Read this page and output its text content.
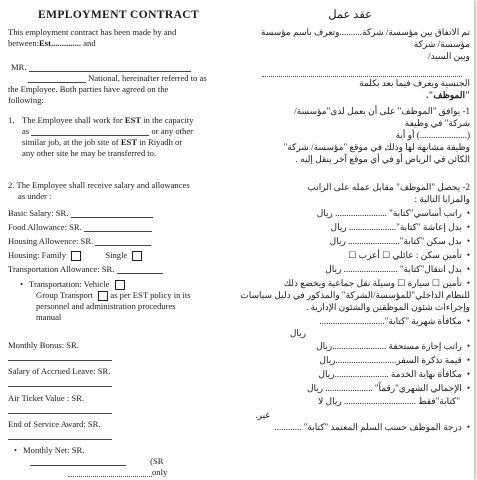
EMPLOYMENT CONTRACT
This employment contract has been made by and
between:Est.............. and
MR.
National, hereinafter referred to as
the Employee. Both parties have agreed on the
following:
1. The Employee shall work for EST in the capacity
as	or any other
similar job, at the job site of EST in Riyadh or
any other site he may be transferred to.
2. The Employee shall receive salary and allowances
as under :
Basic Salary: SR.
Food Allowance: SR.
Housing Allowence: SR.
Housing: Family	Single
Transportation Allowance: SR.
• Transportation: Vehicle
Group Transport as per EST policy in its
personnel and administration procedures
manual
Monthly Bonus: SR.
Salary of Accrued Leave: SR.
Air Ticket Value : SR.
End of Service Award: SR.
• Monthly Net: SR.
(SR
only
عقد عمل
تم الاتفاق بين مؤسسة/ شركة..........وتعرف باسم مؤسسة
مؤسسة/ شركة
وبين السيد/
الجنسية ويعرف فيما بعد بكلمة
"الموظف".
1- يوافق "الموظف" على أن يعمل لدى"مؤسسة/
شركة" في وظيفة
(.....................) أو أية
وظيفة مشابهة لها وذلك في موقع "مؤسسة/ شركة"
الكائن في الرياض أو في أي موقع آخر ينقل إليه .
2- يحصل "الموظف" مقابل عمله على الراتب
والمزايا التالية :
• راتب أساسي"كتابة" ....................... ريال
• بدل إعاشة "كتابة"..................... ريال
• بدل سكن "كتابة"....................... ريال
• تأمين سكن : عائلي ☐ أعزب ☐
• بدل انتقال"كتابة" ........................ ريال
• تأمين ☐ سيارة ☐ وسيلة نقل جماعية ويخضع ذلك
للنظام الداخلي"للمؤسسة/الشركة" والمذكور في دليل سياسات
وإجراءات شئون الموظفين والشئون الإدارية .
• مكافأة شهرية "كتابة".............................
ريال
• راتب إجازة مستحقة ........................ريال
• قيمة تذكرة السفر...........................ريال
• مكافأة نهاية الخدمة ........................ريال
• الإجمالي الشهري"رقماً" ..................... ريال
"كتابة"فقط ................................ ريال لا
غير.
• درجة الموظف حسب السلم المعتمد "كتابة" ............
